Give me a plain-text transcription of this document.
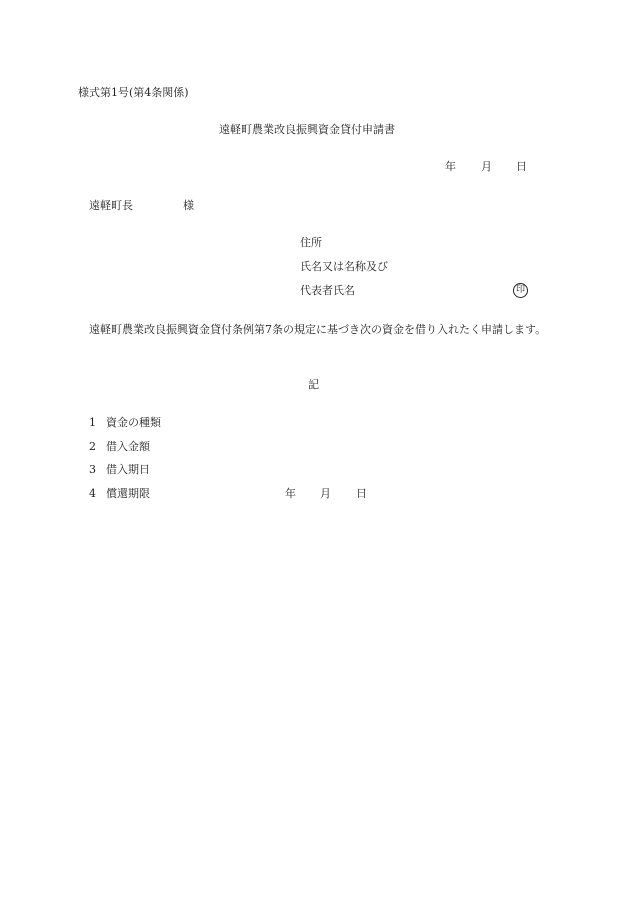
様式第1号(第4条関係)
遠軽町農業改良振興資金貸付申請書
年 月 日
遠軽町長	様
住所
氏名又は名称及び
代表者氏名	印
遠軽町農業改良振興資金貸付条例第7条の規定に基づき次の資金を借り入れたく申請します。
記
1 資金の種類
2 借入金額
3 借入期日
4 償還期限	年 月 日
